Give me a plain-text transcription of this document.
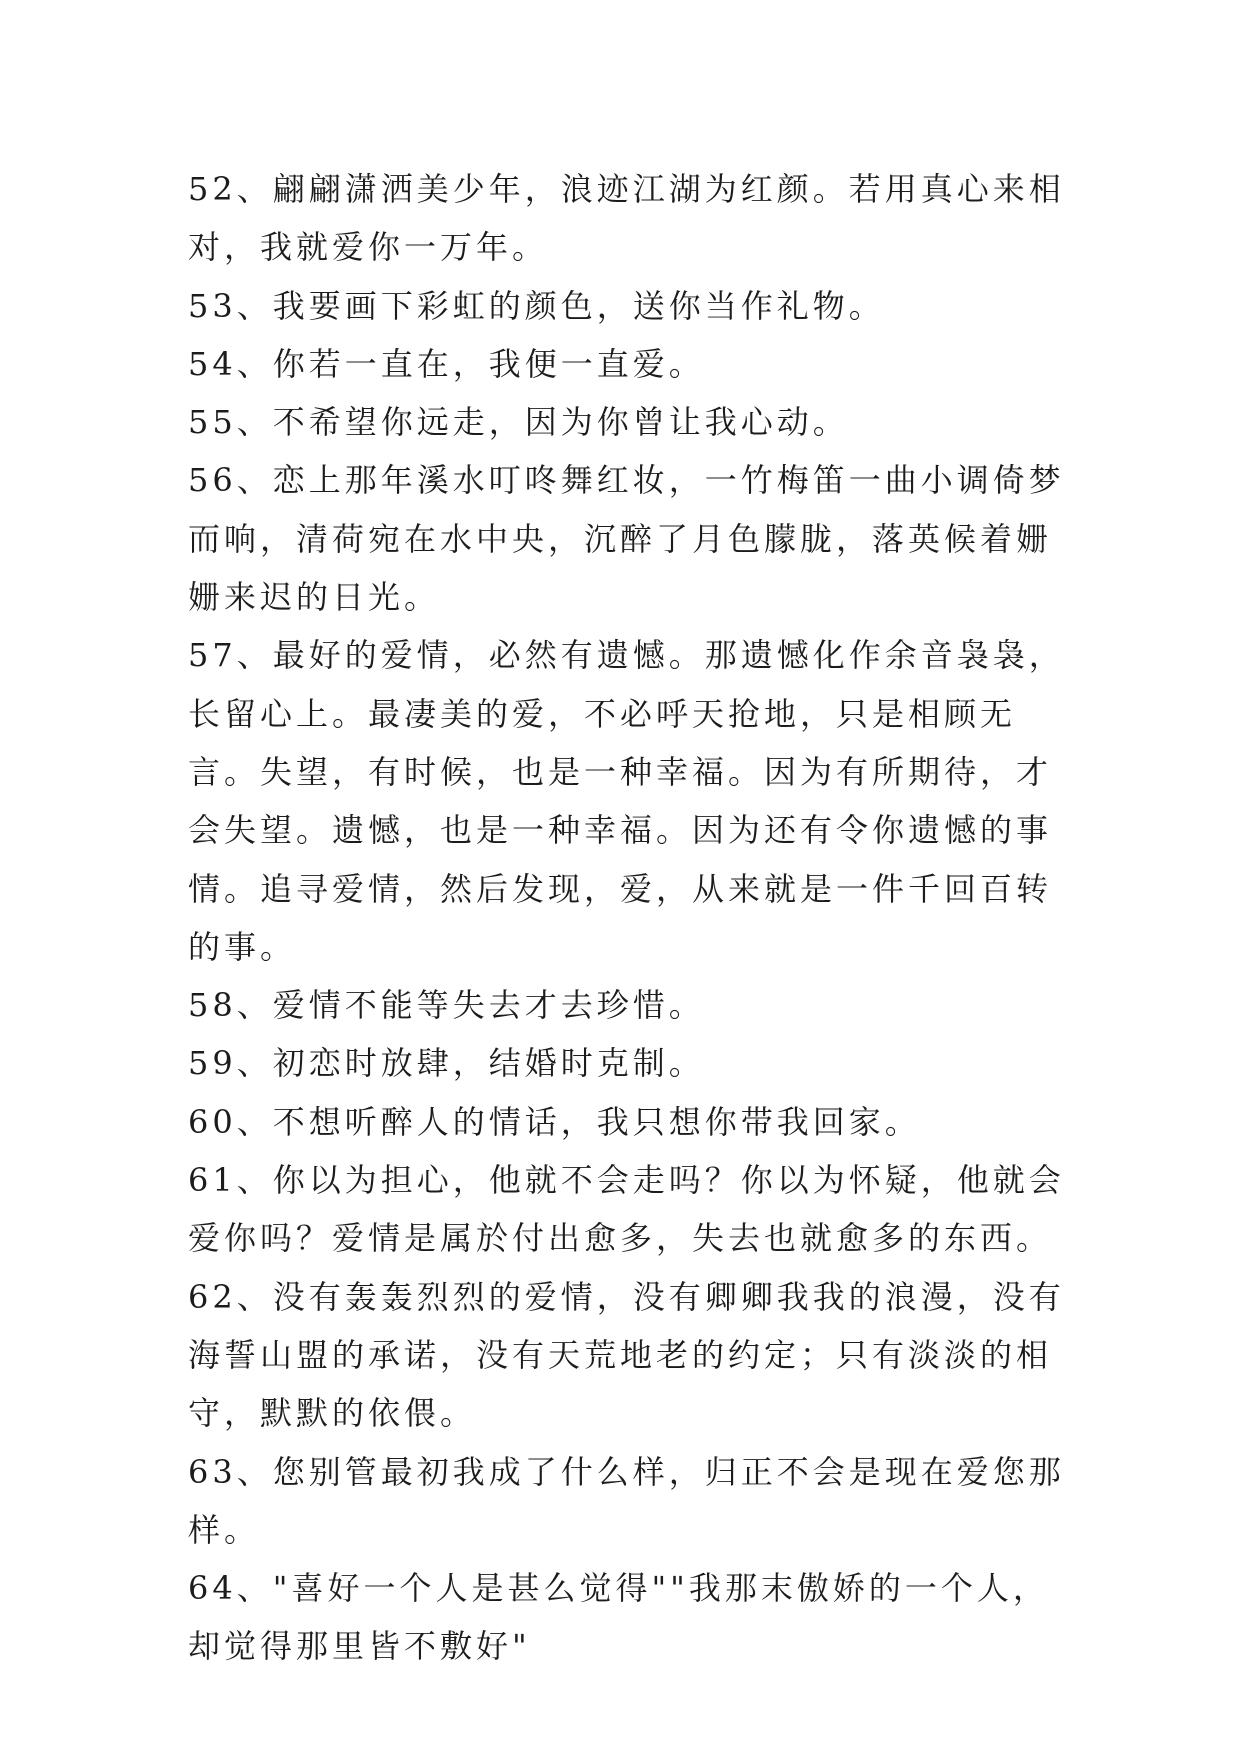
52、翩翩潇洒美少年，浪迹江湖为红颜。若用真心来相对，我就爱你一万年。

53、我要画下彩虹的颜色，送你当作礼物。

54、你若一直在，我便一直爱。

55、不希望你远走，因为你曾让我心动。

56、恋上那年溪水叮咚舞红妆，一竹梅笛一曲小调倚梦而响，清荷宛在水中央，沉醉了月色朦胧，落英候着姗姗来迟的日光。

57、最好的爱情，必然有遗憾。那遗憾化作余音袅袅，长留心上。最凄美的爱，不必呼天抢地，只是相顾无言。失望，有时候，也是一种幸福。因为有所期待，才会失望。遗憾，也是一种幸福。因为还有令你遗憾的事情。追寻爱情，然后发现，爱，从来就是一件千回百转的事。

58、爱情不能等失去才去珍惜。

59、初恋时放肆，结婚时克制。

60、不想听醉人的情话，我只想你带我回家。

61、你以为担心，他就不会走吗？你以为怀疑，他就会爱你吗？爱情是属於付出愈多，失去也就愈多的东西。

62、没有轰轰烈烈的爱情，没有卿卿我我的浪漫，没有海誓山盟的承诺，没有天荒地老的约定；只有淡淡的相守，默默的依偎。

63、您别管最初我成了什么样，归正不会是现在爱您那样。

64、"喜好一个人是甚么觉得""我那末傲娇的一个人，却觉得那里皆不敷好"
